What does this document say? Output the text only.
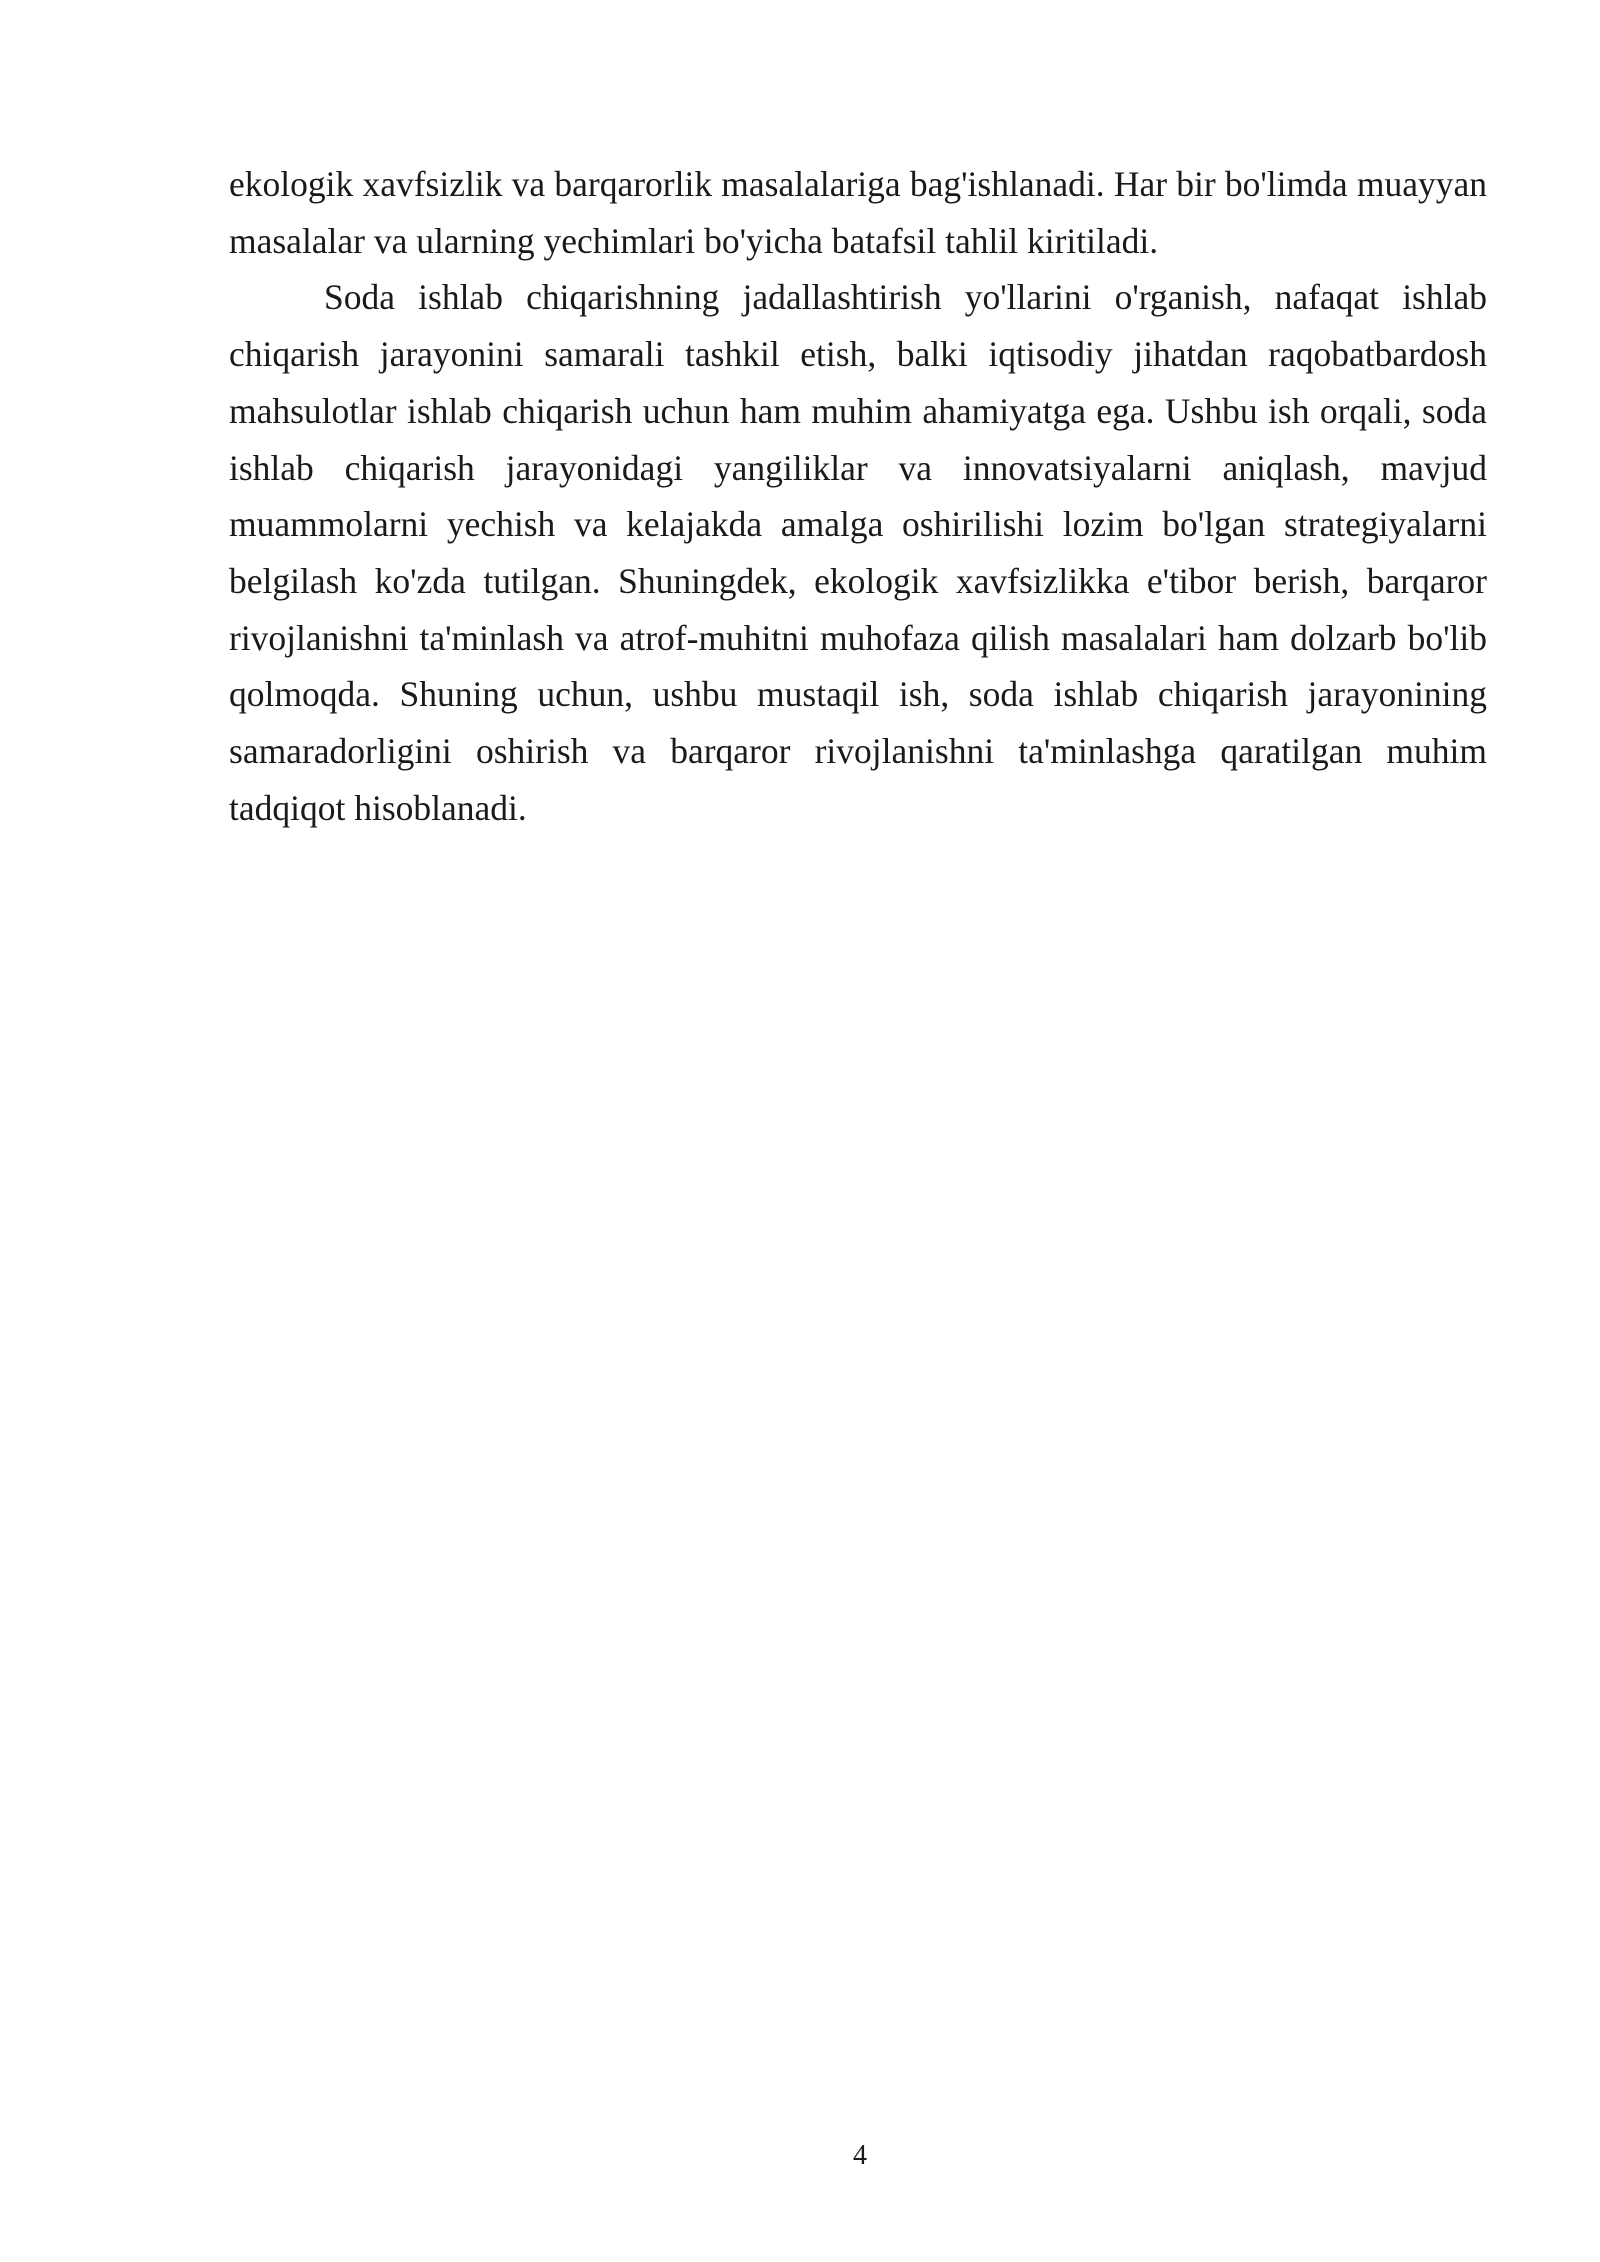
ekologik xavfsizlik va barqarorlik masalalariga bag'ishlanadi. Har bir bo'limda muayyan masalalar va ularning yechimlari bo'yicha batafsil tahlil kiritiladi.

Soda ishlab chiqarishning jadallashtirish yo'llarini o'rganish, nafaqat ishlab chiqarish jarayonini samarali tashkil etish, balki iqtisodiy jihatdan raqobatbardosh mahsulotlar ishlab chiqarish uchun ham muhim ahamiyatga ega. Ushbu ish orqali, soda ishlab chiqarish jarayonidagi yangiliklar va innovatsiyalarni aniqlash, mavjud muammolarni yechish va kelajakda amalga oshirilishi lozim bo'lgan strategiyalarni belgilash ko'zda tutilgan. Shuningdek, ekologik xavfsizlikka e'tibor berish, barqaror rivojlanishni ta'minlash va atrof-muhitni muhofaza qilish masalalari ham dolzarb bo'lib qolmoqda. Shuning uchun, ushbu mustaqil ish, soda ishlab chiqarish jarayonining samaradorligini oshirish va barqaror rivojlanishni ta'minlashga qaratilgan muhim tadqiqot hisoblanadi.

4
